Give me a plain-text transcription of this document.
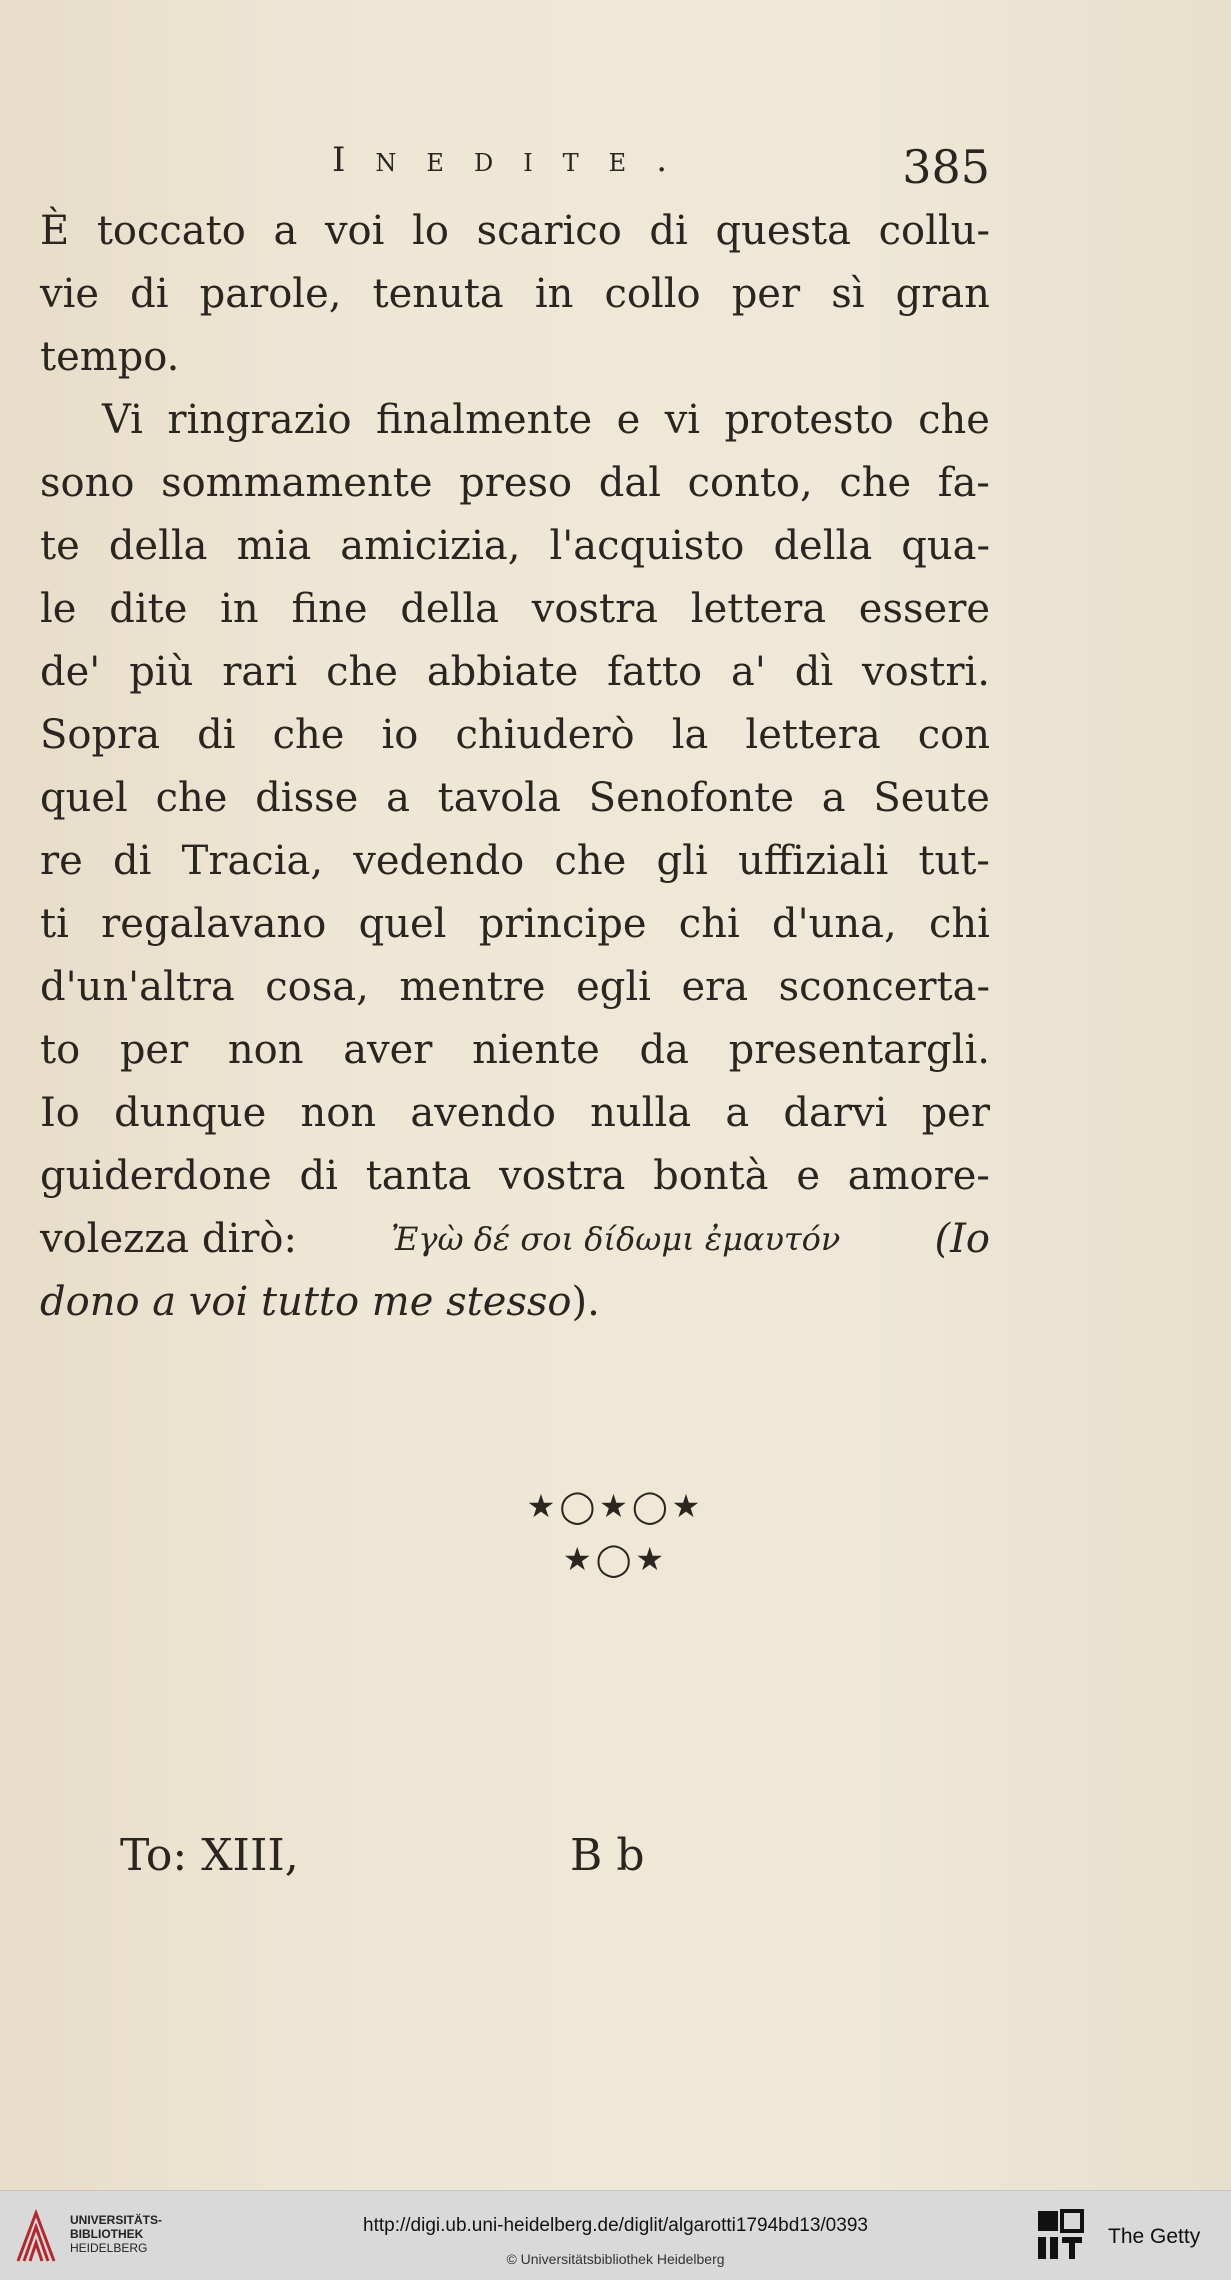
Inedite.	385
È toccato a voi lo scarico di questa collu-
vie di parole, tenuta in collo per sì gran
tempo.
Vi ringrazio finalmente e vi protesto che
sono sommamente preso dal conto, che fa-
te della mia amicizia, l'acquisto della qua-
le dite in fine della vostra lettera essere
de' più rari che abbiate fatto a' dì vostri.
Sopra di che io chiuderò la lettera con
quel che disse a tavola Senofonte a Seute
re di Tracia, vedendo che gli uffiziali tut-
ti regalavano quel principe chi d'una, chi
d'un'altra cosa, mentre egli era sconcerta-
to per non aver niente da presentargli.
Io dunque non avendo nulla a darvi per
guiderdone di tanta vostra bontà e amore-
volezza dirò:	Ἐγὼ δέ σοι δίδωμι ἐμαυτόν (Io
dono a voi tutto me stesso ).
★◯★◯★
★◯★
To: XIII,	B b
UNIVERSITÄTS-
BIBLIOTHEK
HEIDELBERG
http://digi.ub.uni-heidelberg.de/diglit/algarotti1794bd13/0393
© Universitätsbibliothek Heidelberg
The Getty
